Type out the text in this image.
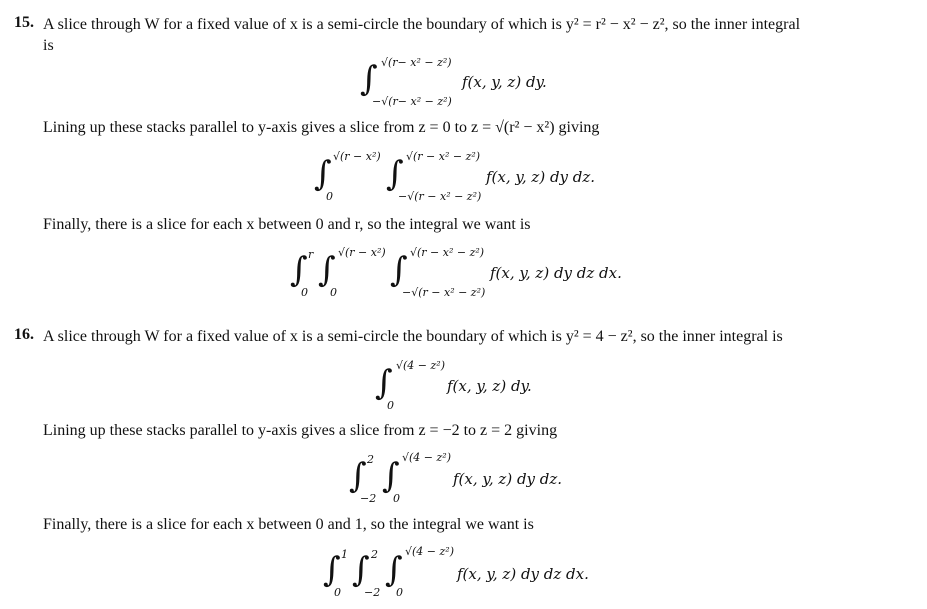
15. A slice through W for a fixed value of x is a semi-circle the boundary of which is y² = r² − x² − z², so the inner integral
is
∫ √(r− x² − z²)
−√(r− x² − z²)
f(x, y, z) dy.
Lining up these stacks parallel to y-axis gives a slice from z = 0 to z = √(r² − x²) giving
∫ √(r − x²)
0
∫ √(r − x² − z²)
−√(r − x² − z²)
f(x, y, z) dy dz.
Finally, there is a slice for each x between 0 and r, so the integral we want is
∫ r
0
∫ √(r − x²)
0
∫ √(r − x² − z²)
−√(r − x² − z²)
f(x, y, z) dy dz dx.
16. A slice through W for a fixed value of x is a semi-circle the boundary of which is y² = 4 − z², so the inner integral is
∫ √(4 − z²)
0
f(x, y, z) dy.
Lining up these stacks parallel to y-axis gives a slice from z = −2 to z = 2 giving
∫ 2
−2
∫ √(4 − z²)
0
f(x, y, z) dy dz.
Finally, there is a slice for each x between 0 and 1, so the integral we want is
∫ 1
0
∫ 2
−2
∫ √(4 − z²)
0
f(x, y, z) dy dz dx.
